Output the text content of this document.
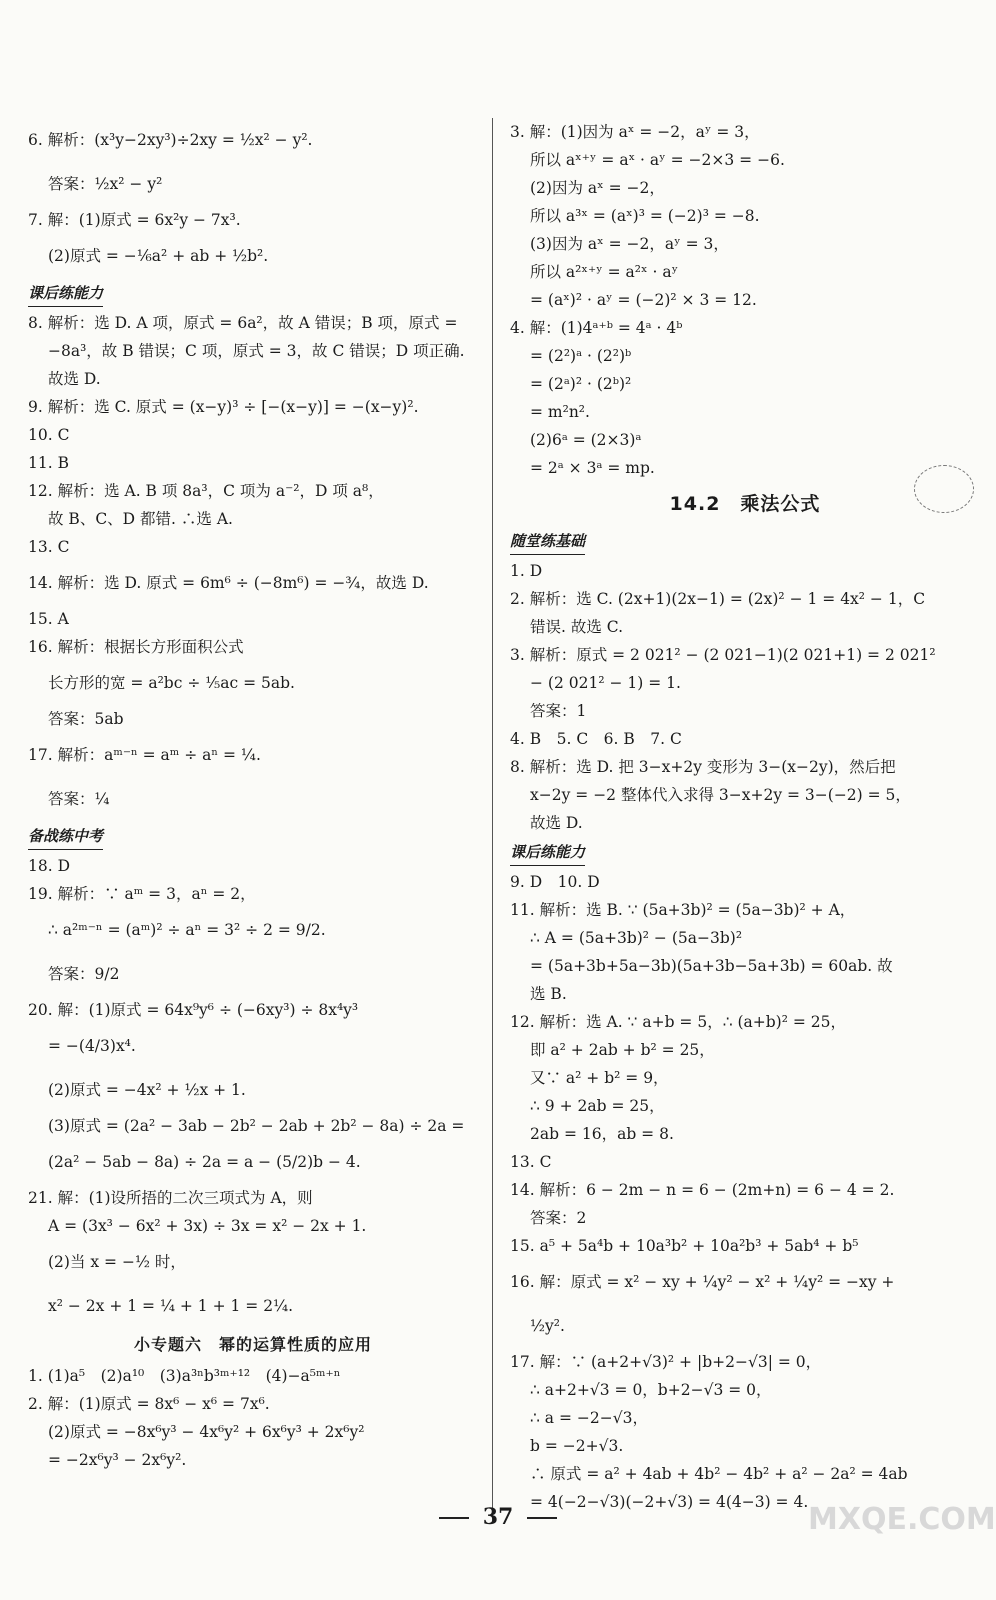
6. 解析：(x³y−2xy³)÷2xy = ½x² − y².
答案：½x² − y²
7. 解：(1)原式 = 6x²y − 7x³.
(2)原式 = −⅙a² + ab + ½b².
课后练能力
8. 解析：选 D. A 项，原式 = 6a²，故 A 错误；B 项，原式 =
−8a³，故 B 错误；C 项，原式 = 3，故 C 错误；D 项正确.
故选 D.
9. 解析：选 C. 原式 = (x−y)³ ÷ [−(x−y)] = −(x−y)².
10. C
11. B
12. 解析：选 A. B 项 8a³，C 项为 a⁻²，D 项 a⁸，
故 B、C、D 都错. ∴选 A.
13. C
14. 解析：选 D. 原式 = 6m⁶ ÷ (−8m⁶) = −¾，故选 D.
15. A
16. 解析：根据长方形面积公式
长方形的宽 = a²bc ÷ ⅕ac = 5ab.
答案：5ab
17. 解析：aᵐ⁻ⁿ = aᵐ ÷ aⁿ = ¼.
答案：¼
备战练中考
18. D
19. 解析：∵ aᵐ = 3，aⁿ = 2，
∴ a²ᵐ⁻ⁿ = (aᵐ)² ÷ aⁿ = 3² ÷ 2 = 9/2.
答案：9/2
20. 解：(1)原式 = 64x⁹y⁶ ÷ (−6xy³) ÷ 8x⁴y³
= −(4/3)x⁴.
(2)原式 = −4x² + ½x + 1.
(3)原式 = (2a² − 3ab − 2b² − 2ab + 2b² − 8a) ÷ 2a =
(2a² − 5ab − 8a) ÷ 2a = a − (5/2)b − 4.
21. 解：(1)设所捂的二次三项式为 A，则
A = (3x³ − 6x² + 3x) ÷ 3x = x² − 2x + 1.
(2)当 x = −½ 时，
x² − 2x + 1 = ¼ + 1 + 1 = 2¼.
小专题六　幂的运算性质的应用
1. (1)a⁵　(2)a¹⁰　(3)a³ⁿb³ᵐ⁺¹²　(4)−a⁵ᵐ⁺ⁿ
2. 解：(1)原式 = 8x⁶ − x⁶ = 7x⁶.
(2)原式 = −8x⁶y³ − 4x⁶y² + 6x⁶y³ + 2x⁶y²
= −2x⁶y³ − 2x⁶y².
3. 解：(1)因为 aˣ = −2，aʸ = 3，
所以 aˣ⁺ʸ = aˣ · aʸ = −2×3 = −6.
(2)因为 aˣ = −2，
所以 a³ˣ = (aˣ)³ = (−2)³ = −8.
(3)因为 aˣ = −2，aʸ = 3，
所以 a²ˣ⁺ʸ = a²ˣ · aʸ
= (aˣ)² · aʸ = (−2)² × 3 = 12.
4. 解：(1)4ᵃ⁺ᵇ = 4ᵃ · 4ᵇ
= (2²)ᵃ · (2²)ᵇ
= (2ᵃ)² · (2ᵇ)²
= m²n².
(2)6ᵃ = (2×3)ᵃ
= 2ᵃ × 3ᵃ = mp.
14.2　乘法公式
随堂练基础
1. D
2. 解析：选 C. (2x+1)(2x−1) = (2x)² − 1 = 4x² − 1，C
错误. 故选 C.
3. 解析：原式 = 2 021² − (2 021−1)(2 021+1) = 2 021²
− (2 021² − 1) = 1.
答案：1
4. B　5. C　6. B　7. C
8. 解析：选 D. 把 3−x+2y 变形为 3−(x−2y)，然后把
x−2y = −2 整体代入求得 3−x+2y = 3−(−2) = 5，
故选 D.
课后练能力
9. D　10. D
11. 解析：选 B. ∵ (5a+3b)² = (5a−3b)² + A，
∴ A = (5a+3b)² − (5a−3b)²
= (5a+3b+5a−3b)(5a+3b−5a+3b) = 60ab. 故
选 B.
12. 解析：选 A. ∵ a+b = 5，∴ (a+b)² = 25，
即 a² + 2ab + b² = 25，
又∵ a² + b² = 9，
∴ 9 + 2ab = 25，
2ab = 16，ab = 8.
13. C
14. 解析：6 − 2m − n = 6 − (2m+n) = 6 − 4 = 2.
答案：2
15. a⁵ + 5a⁴b + 10a³b² + 10a²b³ + 5ab⁴ + b⁵
16. 解：原式 = x² − xy + ¼y² − x² + ¼y² = −xy +
½y².
17. 解：∵ (a+2+√3)² + |b+2−√3| = 0，
∴ a+2+√3 = 0，b+2−√3 = 0，
∴ a = −2−√3，
b = −2+√3.
∴ 原式 = a² + 4ab + 4b² − 4b² + a² − 2a² = 4ab
= 4(−2−√3)(−2+√3) = 4(4−3) = 4.
37	MXQE.COM
